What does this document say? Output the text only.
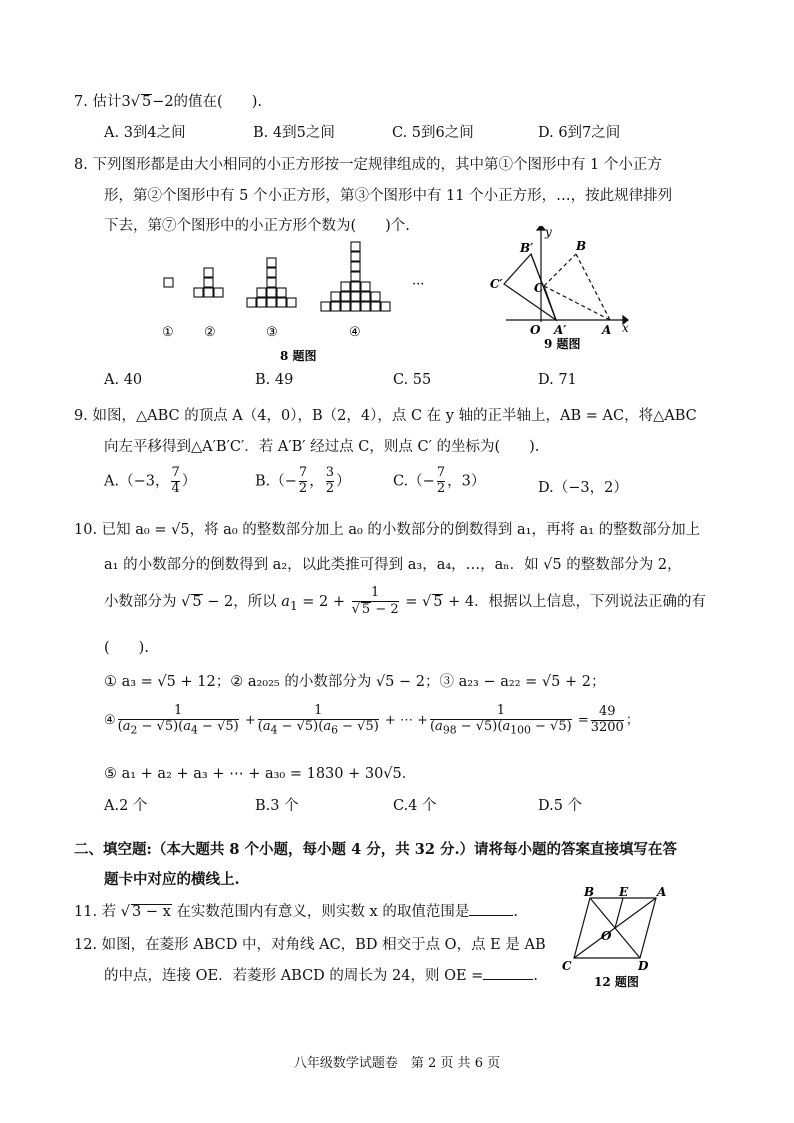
7. 估计3√ 5−2的值在(　　).
A. 3到4之间	B. 4到5之间	C. 5到6之间	D. 6到7之间
8. 下列图形都是由大小相同的小正方形按一定规律组成的，其中第①个图形中有 1 个小正方
形，第②个图形中有 5 个小正方形，第③个图形中有 11 个小正方形，…，按此规律排列
下去，第⑦个图形中的小正方形个数为(　　)个.
···
① ②	③	④
8 题图
y
x
B′	B
C′	C
O A′	A
9 题图
A. 40	B. 49	C. 55	D. 71
9. 如图，△ABC 的顶点 A（4，0），B（2，4），点 C 在 y 轴的正半轴上，AB = AC，将△ABC
向左平移得到△A′B′C′．若 A′B′ 经过点 C，则点 C′ 的坐标为(　　).
A.（−3， $\frac{7}{4}$ ）	$B.(- \frac{7}{2}$ ， $\frac{3}{2}$ ）	$C.(- \frac{7}{2}$ ，3）	D.（−3，2）
10. 已知 a₀ = √5，将 a₀ 的整数部分加上 a₀ 的小数部分的倒数得到 a₁，再将 a₁ 的整数部分加上
a₁ 的小数部分的倒数得到 a₂，以此类推可得到 a₃，a₄，…，aₙ．如 √5 的整数部分为 2，
小数部分为 √ 5 − 2，所以 $a_1 = 2 + \frac{1}{√ 5 - 2}$ = √ 5 + 4．根据以上信息，下列说法正确的有
(　　).
① a₃ = √5 + 12；② a₂₀₂₅ 的小数部分为 √5 − 2；③ a₂₃ − a₂₂ = √5 + 2；
④ $\frac{1}{(a_2 - √5)(a_4 - √5)} + \frac{1}{(a_4 - √5)(a_6 - √5)}$ + ⋯ + $\frac{1}{(a_{98} - √5)(a_{100} - √5)} = \frac{49}{3200}$ ；
⑤ a₁ + a₂ + a₃ + ⋯ + a₃₀ = 1830 + 30√5．
A.2 个	B.3 个	C.4 个	D.5 个
二、填空题:（本大题共 8 个小题，每小题 4 分，共 32 分.）请将每小题的答案直接填写在答
题卡中对应的横线上.
11. 若 √ 3 − x 在实数范围内有意义，则实数 x 的取值范围是	.
12. 如图，在菱形 ABCD 中，对角线 AC，BD 相交于点 O，点 E 是 AB
的中点，连接 OE．若菱形 ABCD 的周长为 24，则 OE =	.
B E A
O
C	D
12 题图
八年级数学试题卷　第 2 页 共 6 页
